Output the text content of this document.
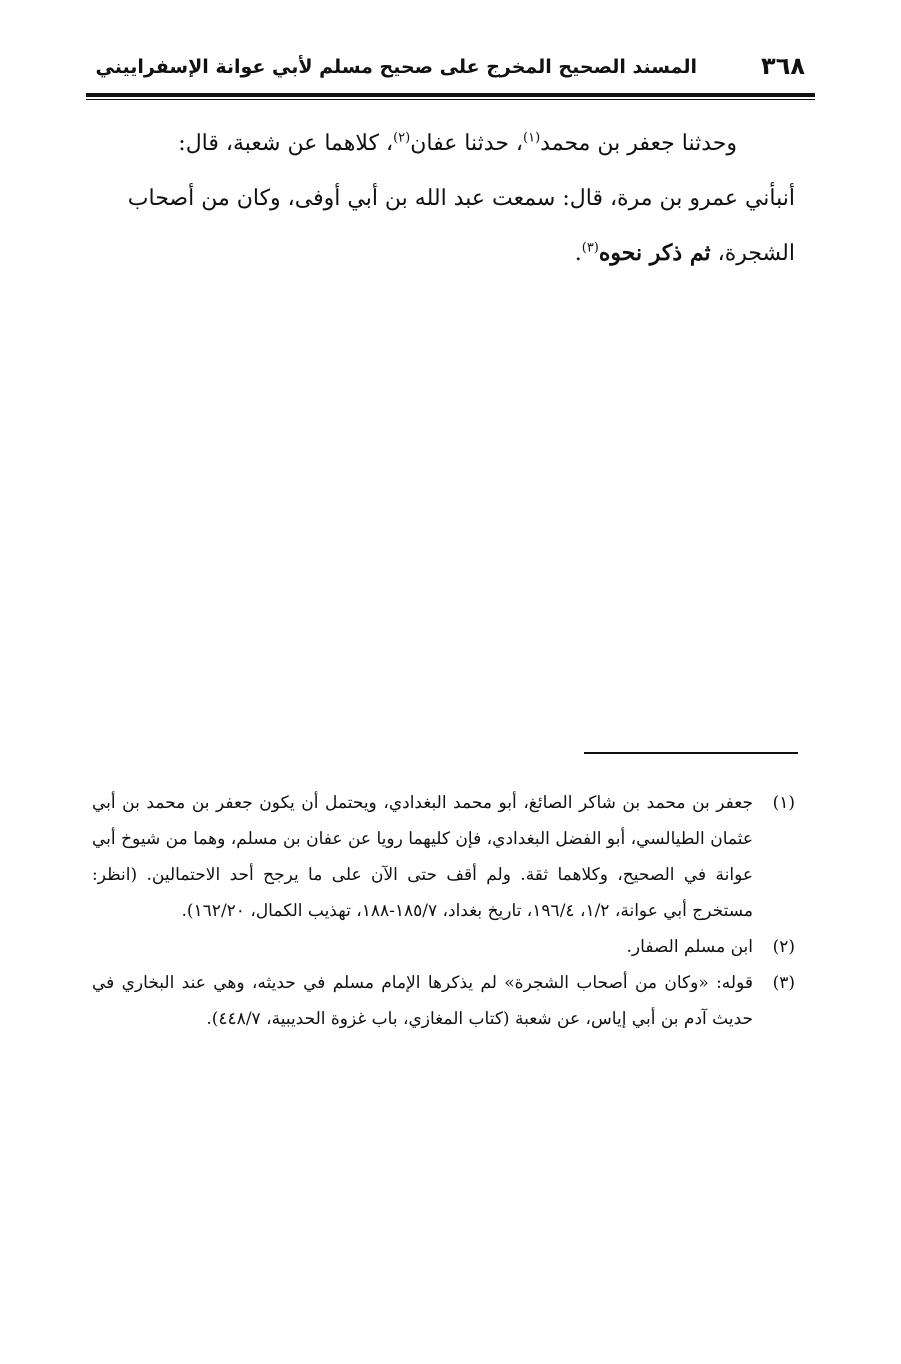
٣٦٨
المسند الصحيح المخرج على صحيح مسلم لأبي عوانة الإسفراييني
وحدثنا جعفر بن محمد$^{(١)}$، حدثنا عفان$^{(٢)}$، كلاهما عن شعبة، قال:
أنبأني عمرو بن مرة، قال: سمعت عبد الله بن أبي أوفى، وكان من أصحاب
الشجرة، ثم ذكر نحوه$^{(٣)}$.
(١)
جعفر بن محمد بن شاكر الصائغ، أبو محمد البغدادي، ويحتمل أن يكون جعفر بن محمد بن أبي عثمان الطيالسي، أبو الفضل البغدادي، فإن كليهما رويا عن عفان بن مسلم، وهما من شيوخ أبي عوانة في الصحيح، وكلاهما ثقة. ولم أقف حتى الآن على ما يرجح أحد الاحتمالين. (انظر: مستخرج أبي عوانة، ١/٢، ١٩٦/٤، تاريخ بغداد، ١٨٥/٧-١٨٨، تهذيب الكمال، ١٦٢/٢٠).
(٢)
ابن مسلم الصفار.
(٣)
قوله: «وكان من أصحاب الشجرة» لم يذكرها الإمام مسلم في حديثه، وهي عند البخاري في حديث آدم بن أبي إياس، عن شعبة (كتاب المغازي، باب غزوة الحديبية، ٤٤٨/٧).
